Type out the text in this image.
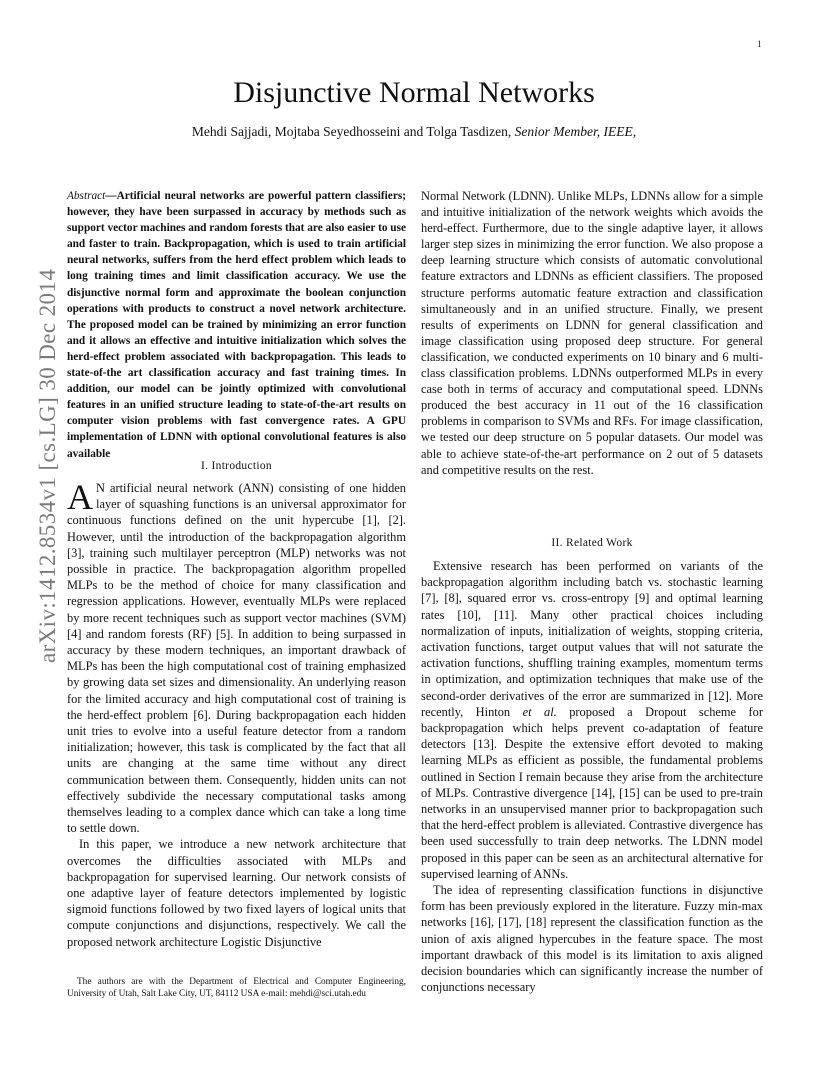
1
arXiv:1412.8534v1 [cs.LG] 30 Dec 2014
Disjunctive Normal Networks
Mehdi Sajjadi, Mojtaba Seyedhosseini and Tolga Tasdizen, Senior Member, IEEE,
Abstract—Artificial neural networks are powerful pattern classifiers; however, they have been surpassed in accuracy by methods such as support vector machines and random forests that are also easier to use and faster to train. Backpropagation, which is used to train artificial neural networks, suffers from the herd effect problem which leads to long training times and limit classification accuracy. We use the disjunctive normal form and approximate the boolean conjunction operations with products to construct a novel network architecture. The proposed model can be trained by minimizing an error function and it allows an effective and intuitive initialization which solves the herd-effect problem associated with backpropagation. This leads to state-of-the art classification accuracy and fast training times. In addition, our model can be jointly optimized with convolutional features in an unified structure leading to state-of-the-art results on computer vision problems with fast convergence rates. A GPU implementation of LDNN with optional convolutional features is also available
I. Introduction

A N artificial neural network (ANN) consisting of one hidden layer of squashing functions is an universal approximator for continuous functions defined on the unit hypercube [1], [2]. However, until the introduction of the backpropagation algorithm [3], training such multilayer perceptron (MLP) networks was not possible in practice. The backpropagation algorithm propelled MLPs to be the method of choice for many classification and regression applications. However, eventually MLPs were replaced by more recent techniques such as support vector machines (SVM) [4] and random forests (RF) [5]. In addition to being surpassed in accuracy by these modern techniques, an important drawback of MLPs has been the high computational cost of training emphasized by growing data set sizes and dimensionality. An underlying reason for the limited accuracy and high computational cost of training is the herd-effect problem [6]. During backpropagation each hidden unit tries to evolve into a useful feature detector from a random initialization; however, this task is complicated by the fact that all units are changing at the same time without any direct communication between them. Consequently, hidden units can not effectively subdivide the necessary computational tasks among themselves leading to a complex dance which can take a long time to settle down.

In this paper, we introduce a new network architecture that overcomes the difficulties associated with MLPs and backpropagation for supervised learning. Our network consists of one adaptive layer of feature detectors implemented by logistic sigmoid functions followed by two fixed layers of logical units that compute conjunctions and disjunctions, respectively. We call the proposed network architecture Logistic Disjunctive

The authors are with the Department of Electrical and Computer Engineering, University of Utah, Salt Lake City, UT, 84112 USA e-mail: mehdi@sci.utah.edu

Normal Network (LDNN). Unlike MLPs, LDNNs allow for a simple and intuitive initialization of the network weights which avoids the herd-effect. Furthermore, due to the single adaptive layer, it allows larger step sizes in minimizing the error function. We also propose a deep learning structure which consists of automatic convolutional feature extractors and LDNNs as efficient classifiers. The proposed structure performs automatic feature extraction and classification simultaneously and in an unified structure. Finally, we present results of experiments on LDNN for general classification and image classification using proposed deep structure. For general classification, we conducted experiments on 10 binary and 6 multi-class classification problems. LDNNs outperformed MLPs in every case both in terms of accuracy and computational speed. LDNNs produced the best accuracy in 11 out of the 16 classification problems in comparison to SVMs and RFs. For image classification, we tested our deep structure on 5 popular datasets. Our model was able to achieve state-of-the-art performance on 2 out of 5 datasets and competitive results on the rest.

II. Related Work

Extensive research has been performed on variants of the backpropagation algorithm including batch vs. stochastic learning [7], [8], squared error vs. cross-entropy [9] and optimal learning rates [10], [11]. Many other practical choices including normalization of inputs, initialization of weights, stopping criteria, activation functions, target output values that will not saturate the activation functions, shuffling training examples, momentum terms in optimization, and optimization techniques that make use of the second-order derivatives of the error are summarized in [12]. More recently, Hinton et al. proposed a Dropout scheme for backpropagation which helps prevent co-adaptation of feature detectors [13]. Despite the extensive effort devoted to making learning MLPs as efficient as possible, the fundamental problems outlined in Section I remain because they arise from the architecture of MLPs. Contrastive divergence [14], [15] can be used to pre-train networks in an unsupervised manner prior to backpropagation such that the herd-effect problem is alleviated. Contrastive divergence has been used successfully to train deep networks. The LDNN model proposed in this paper can be seen as an architectural alternative for supervised learning of ANNs.

The idea of representing classification functions in disjunctive form has been previously explored in the literature. Fuzzy min-max networks [16], [17], [18] represent the classification function as the union of axis aligned hypercubes in the feature space. The most important drawback of this model is its limitation to axis aligned decision boundaries which can significantly increase the number of conjunctions necessary
